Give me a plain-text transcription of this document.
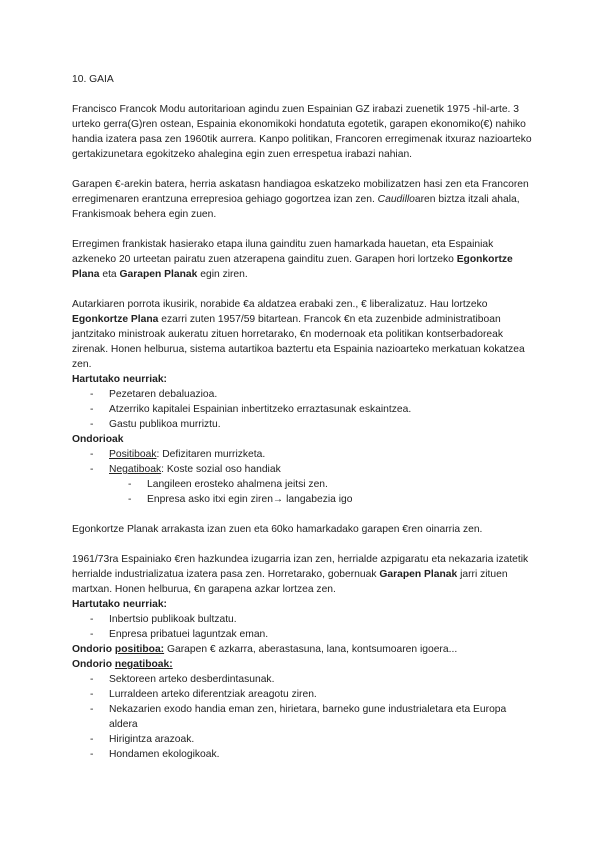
10. GAIA

Francisco Francok Modu autoritarioan agindu zuen Espainian GZ irabazi zuenetik 1975 -hil-arte. 3 urteko gerra(G)ren ostean, Espainia ekonomikoki hondatuta egotetik, garapen ekonomiko(€) nahiko handia izatera pasa zen 1960tik aurrera. Kanpo politikan, Francoren erregimenak itxuraz nazioarteko gertakizunetara egokitzeko ahalegina egin zuen errespetua irabazi nahian.

Garapen €-arekin batera, herria askatasn handiagoa eskatzeko mobilizatzen hasi zen eta Francoren erregimenaren erantzuna errepresioa gehiago gogortzea izan zen. Caudilloaren biztza itzali ahala, Frankismoak behera egin zuen.

Erregimen frankistak hasierako etapa iluna gainditu zuen hamarkada hauetan, eta Espainiak azkeneko 20 urteetan pairatu zuen atzerapena gainditu zuen. Garapen hori lortzeko Egonkortze Plana eta Garapen Planak egin ziren.

Autarkiaren porrota ikusirik, norabide €a aldatzea erabaki zen., € liberalizatuz. Hau lortzeko Egonkortze Plana ezarri zuten 1957/59 bitartean. Francok €n eta zuzenbide administratiboan jantzitako ministroak aukeratu zituen horretarako, €n modernoak eta politikan kontserbadoreak zirenak. Honen helburua, sistema autartikoa baztertu eta Espainia nazioarteko merkatuan kokatzea zen.

Hartutako neurriak:

- Pezetaren debaluazioa.
- Atzerriko kapitalei Espainian inbertitzeko erraztasunak eskaintzea.
- Gastu publikoa murriztu.

Ondorioak

- Positiboak: Defizitaren murrizketa.
- Negatiboak: Koste sozial oso handiak
- Langileen erosteko ahalmena jeitsi zen.
- Enpresa asko itxi egin ziren→ langabezia igo

Egonkortze Planak arrakasta izan zuen eta 60ko hamarkadako garapen €ren oinarria zen.

1961/73ra Espainiako €ren hazkundea izugarria izan zen, herrialde azpigaratu eta nekazaria izatetik herrialde industrializatua izatera pasa zen. Horretarako, gobernuak Garapen Planak jarri zituen martxan. Honen helburua, €n garapena azkar lortzea zen.

Hartutako neurriak:

- Inbertsio publikoak bultzatu.
- Enpresa pribatuei laguntzak eman.

Ondorio positiboa: Garapen € azkarra, aberastasuna, lana, kontsumoaren igoera...

Ondorio negatiboak:

- Sektoreen arteko desberdintasunak.
- Lurraldeen arteko diferentziak areagotu ziren.
- Nekazarien exodo handia eman zen, hirietara, barneko gune industrialetara eta Europa aldera
- Hirigintza arazoak.
- Hondamen ekologikoak.
